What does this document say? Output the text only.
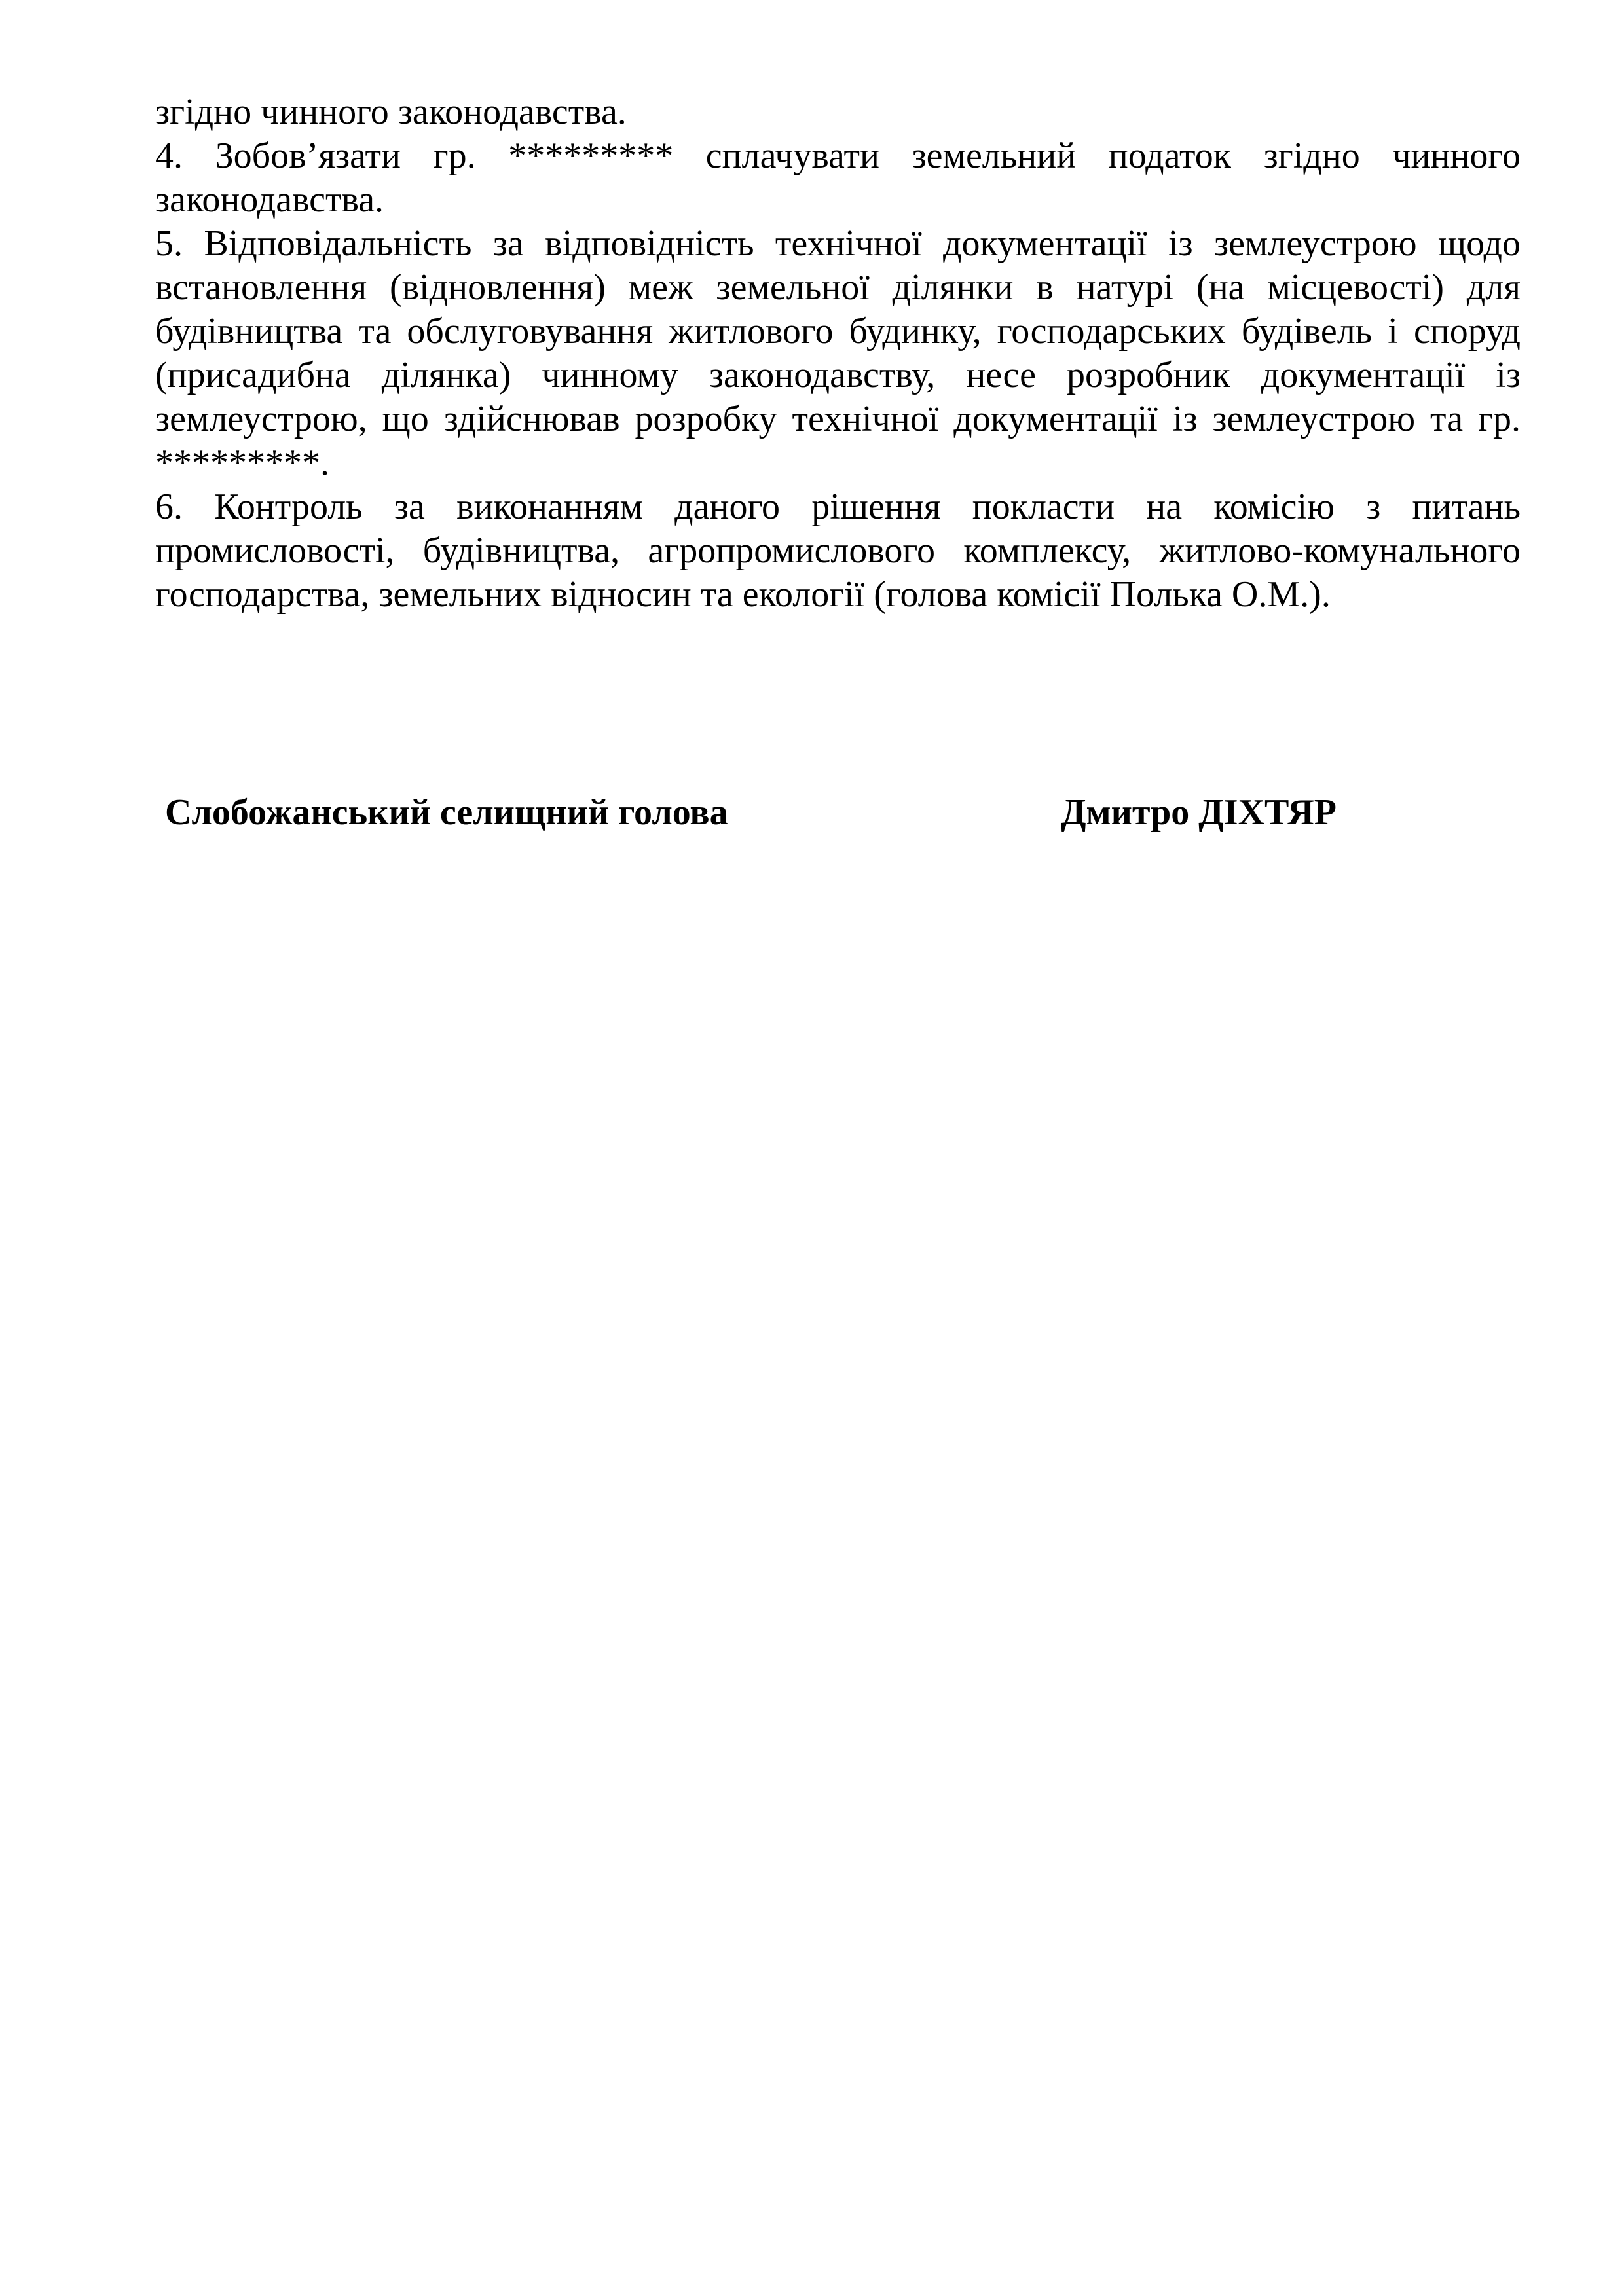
згідно чинного законодавства.

4. Зобов’язати гр. ********* сплачувати земельний податок згідно чинного законодавства.

5. Відповідальність за відповідність технічної документації із землеустрою щодо встановлення (відновлення) меж земельної ділянки в натурі (на місцевості) для будівництва та обслуговування житлового будинку, господарських будівель і споруд (присадибна ділянка) чинному законодавству, несе розробник документації із землеустрою, що здійснював розробку технічної документації із землеустрою та гр. *********.

6. Контроль за виконанням даного рішення покласти на комісію з питань промисловості, будівництва, агропромислового комплексу, житлово-комунального господарства, земельних відносин та екології (голова комісії Полька О.М.).

Слобожанський селищний голова	Дмитро ДІХТЯР
